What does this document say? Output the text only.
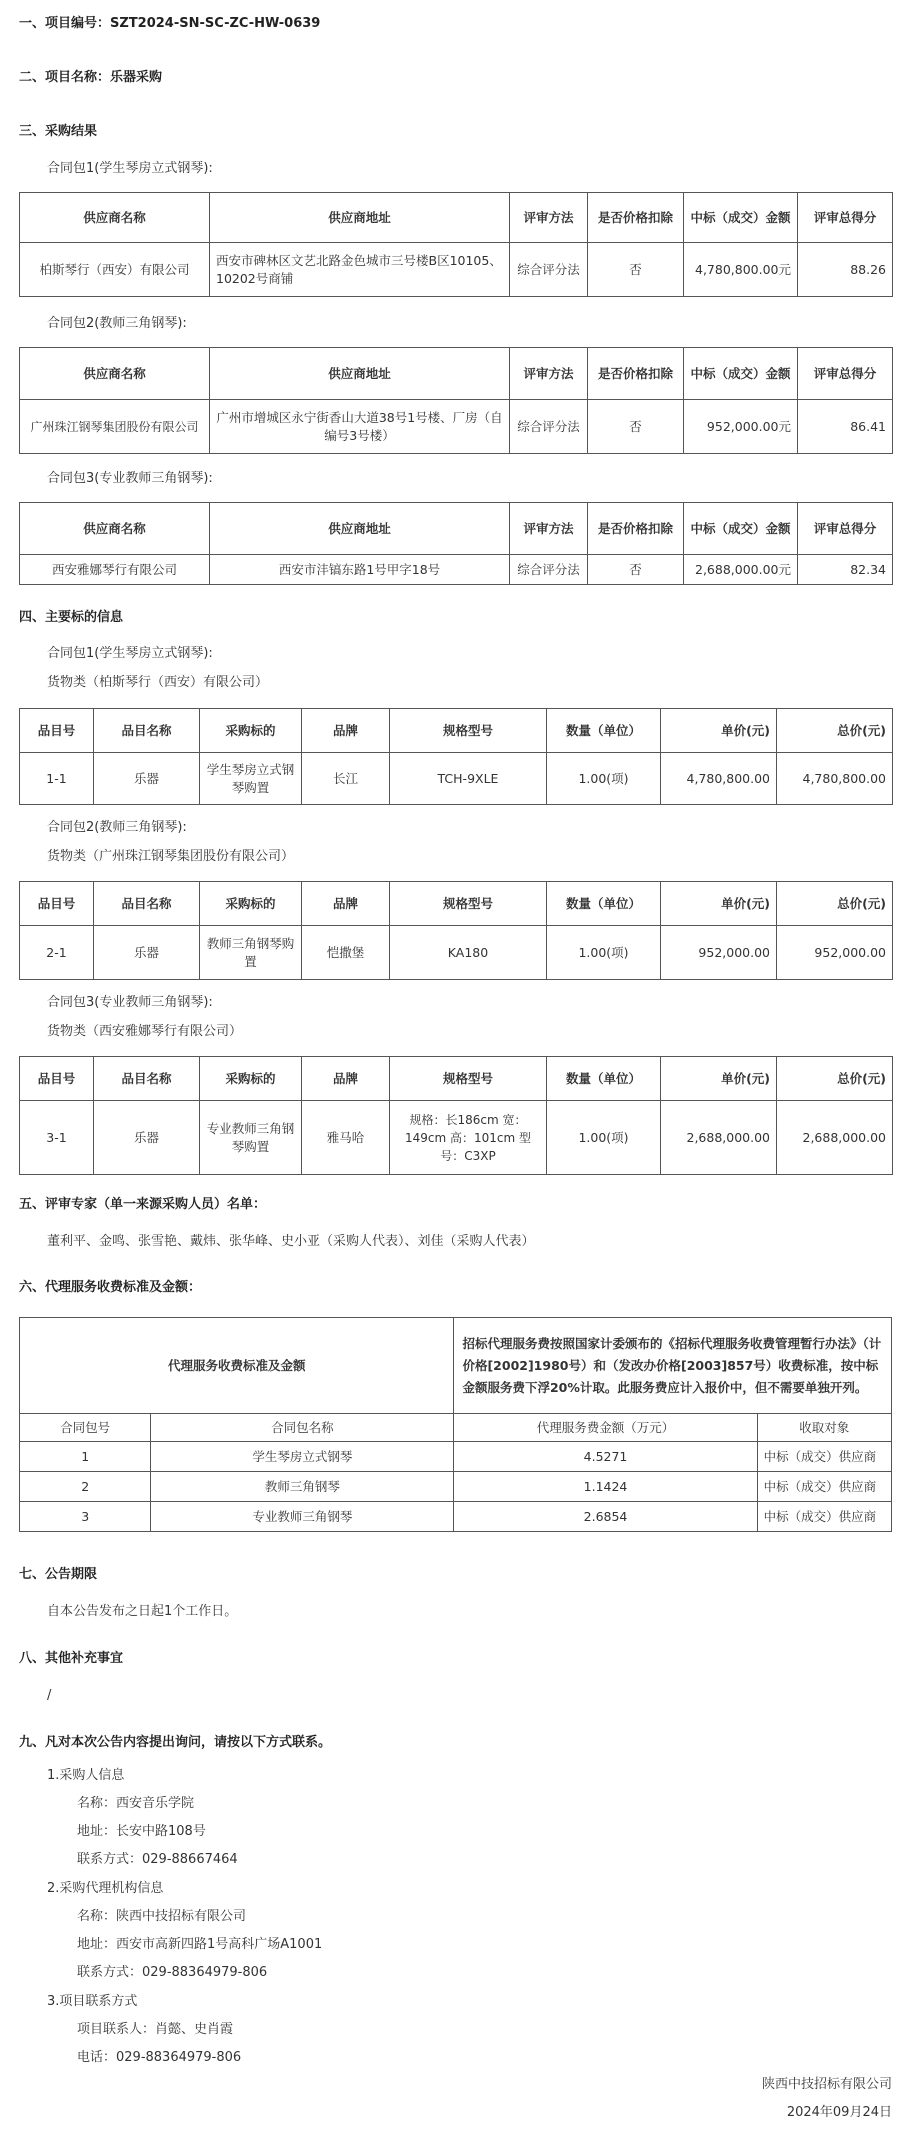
一、项目编号：SZT2024-SN-SC-ZC-HW-0639
二、项目名称：乐器采购
三、采购结果
合同包1(学生琴房立式钢琴):
供应商名称	供应商地址	评审方法	是否价格扣除	中标（成交）金额	评审总得分
柏斯琴行（西安）有限公司	西安市碑林区文艺北路金色城市三号楼B区10105、10202号商铺	综合评分法	否	4,780,800.00元	88.26
合同包2(教师三角钢琴):
供应商名称	供应商地址	评审方法	是否价格扣除	中标（成交）金额	评审总得分
广州珠江钢琴集团股份有限公司	广州市增城区永宁街香山大道38号1号楼、厂房（自编号3号楼）	综合评分法	否	952,000.00元	86.41
合同包3(专业教师三角钢琴):
供应商名称	供应商地址	评审方法	是否价格扣除	中标（成交）金额	评审总得分
西安雅娜琴行有限公司	西安市沣镐东路1号甲字18号	综合评分法	否	2,688,000.00元	82.34
四、主要标的信息
合同包1(学生琴房立式钢琴):
货物类（柏斯琴行（西安）有限公司）
品目号	品目名称	采购标的	品牌	规格型号	数量（单位）	单价(元)	总价(元)
1-1	乐器	学生琴房立式钢琴购置	长江	TCH-9XLE	1.00(项)	4,780,800.00	4,780,800.00
合同包2(教师三角钢琴):
货物类（广州珠江钢琴集团股份有限公司）
品目号	品目名称	采购标的	品牌	规格型号	数量（单位）	单价(元)	总价(元)
2-1	乐器	教师三角钢琴购置	恺撒堡	KA180	1.00(项)	952,000.00	952,000.00
合同包3(专业教师三角钢琴):
货物类（西安雅娜琴行有限公司）
品目号	品目名称	采购标的	品牌	规格型号	数量（单位）	单价(元)	总价(元)
3-1	乐器	专业教师三角钢琴购置	雅马哈	规格：长186cm 宽：149cm 高：101cm 型号：C3XP	1.00(项)	2,688,000.00	2,688,000.00
五、评审专家（单一来源采购人员）名单：
董利平、金鸣、张雪艳、戴炜、张华峰、史小亚（采购人代表）、刘佳（采购人代表）
六、代理服务收费标准及金额：
代理服务收费标准及金额		招标代理服务费按照国家计委颁布的《招标代理服务收费管理暂行办法》（计价格[2002]1980号）和（发改办价格[2003]857号）收费标准，按中标金额服务费下浮20%计取。此服务费应计入报价中，但不需要单独开列。	
合同包号	合同包名称	代理服务费金额（万元）	收取对象
1	学生琴房立式钢琴	4.5271	中标（成交）供应商
2	教师三角钢琴	1.1424	中标（成交）供应商
3	专业教师三角钢琴	2.6854	中标（成交）供应商
七、公告期限
自本公告发布之日起1个工作日。
八、其他补充事宜
/
九、凡对本次公告内容提出询问，请按以下方式联系。
1.采购人信息
名称：西安音乐学院
地址：长安中路108号
联系方式：029-88667464
2.采购代理机构信息
名称：陕西中技招标有限公司
地址：西安市高新四路1号高科广场A1001
联系方式：029-88364979-806
3.项目联系方式
项目联系人：肖懿、史肖霞
电话：029-88364979-806
陕西中技招标有限公司
2024年09月24日
